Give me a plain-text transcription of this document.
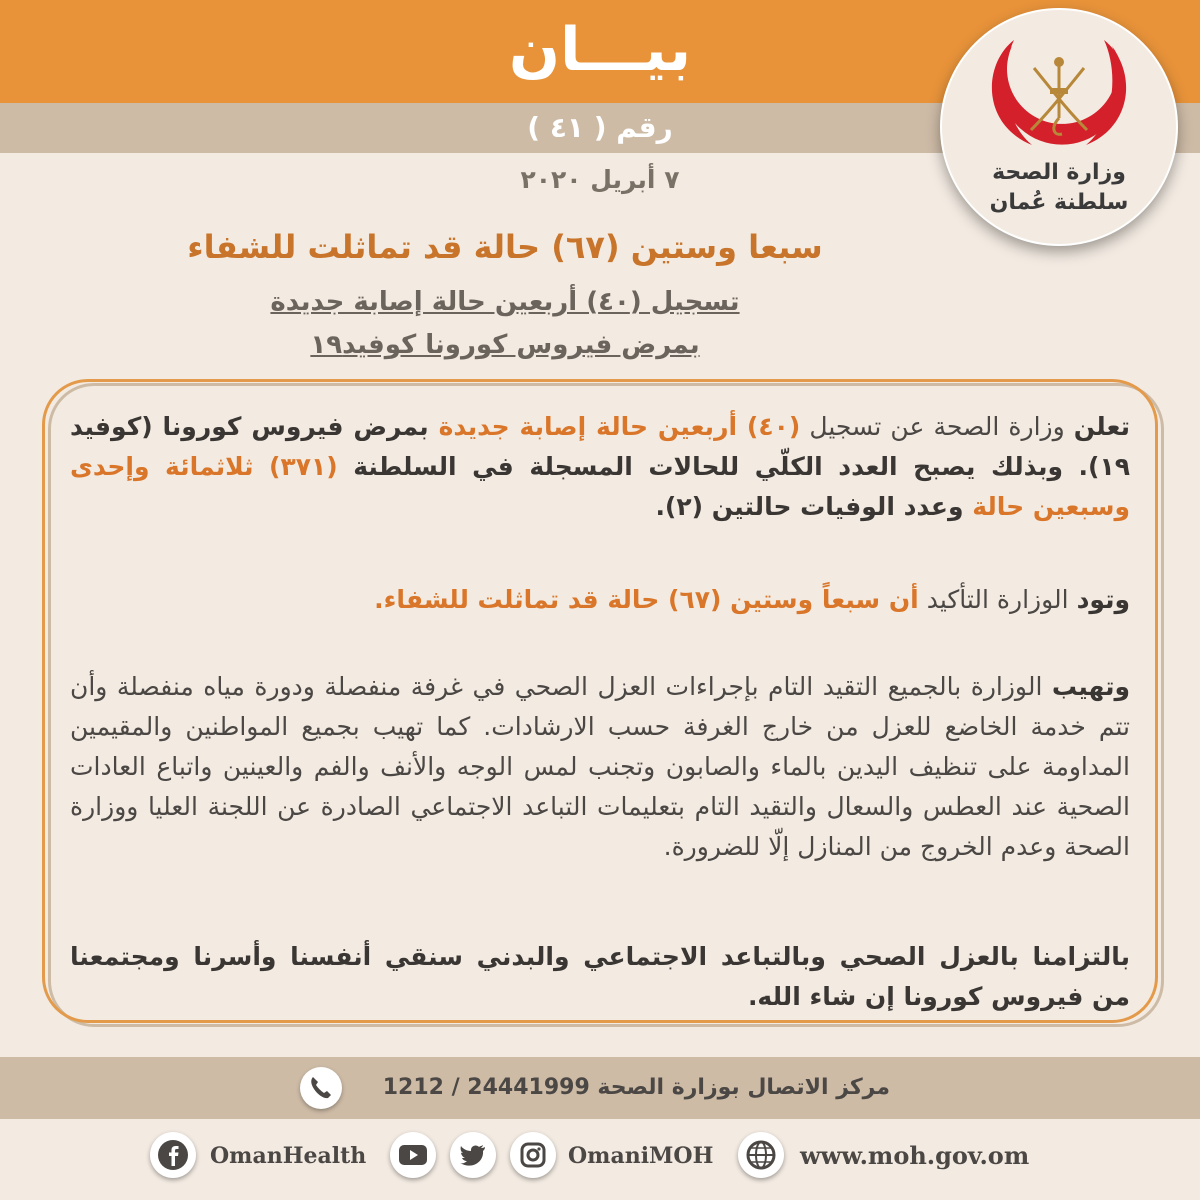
بيـــان
رقم ( ٤١ )
٧ أبريل ٢٠٢٠	وزارة الصحة
سلطنة عُمان
سبعا وستين (٦٧) حالة قد تماثلت للشفاء
تسجيل (٤٠) أربعين حالة إصابة جديدة
بمرض فيروس كورونا كوفيد١٩
تعلن وزارة الصحة عن تسجيل (٤٠) أربعين حالة إصابة جديدة بمرض فيروس كورونا (كوفيد ١٩). وبذلك يصبح العدد الكلّي للحالات المسجلة في السلطنة (٣٧١) ثلاثمائة وإحدى وسبعين حالة وعدد الوفيات حالتين (٢).
وتود الوزارة التأكيد أن سبعاً وستين (٦٧) حالة قد تماثلت للشفاء.
وتهيب الوزارة بالجميع التقيد التام بإجراءات العزل الصحي في غرفة منفصلة ودورة مياه منفصلة وأن تتم خدمة الخاضع للعزل من خارج الغرفة حسب الارشادات. كما تهيب بجميع المواطنين والمقيمين المداومة على تنظيف اليدين بالماء والصابون وتجنب لمس الوجه والأنف والفم والعينين واتباع العادات الصحية عند العطس والسعال والتقيد التام بتعليمات التباعد الاجتماعي الصادرة عن اللجنة العليا ووزارة الصحة وعدم الخروج من المنازل إلّا للضرورة.
بالتزامنا بالعزل الصحي وبالتباعد الاجتماعي والبدني سنقي أنفسنا وأسرنا ومجتمعنا من فيروس كورونا إن شاء الله.
مركز الاتصال بوزارة الصحة 24441999 / 1212
OmanHealth	OmaniMOH	www.moh.gov.om
